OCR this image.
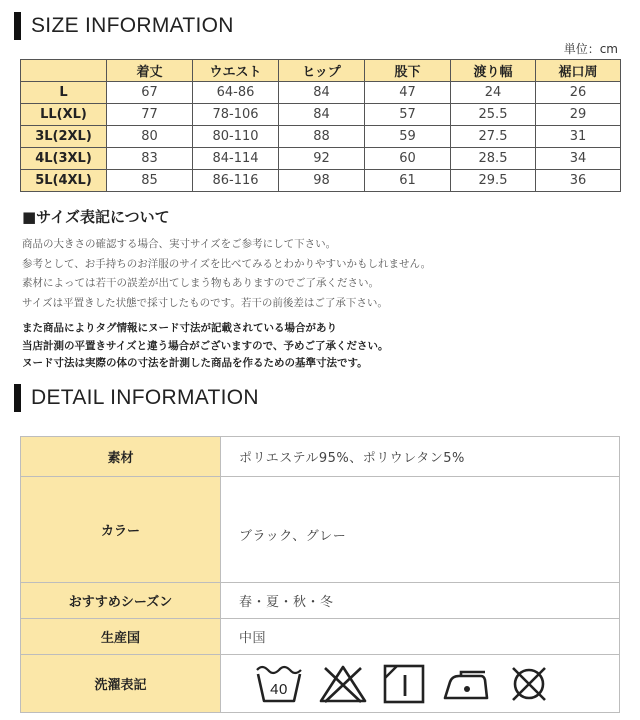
SIZE INFORMATION
単位：cm
	着丈	ウエスト	ヒップ	股下	渡り幅	裾口周
L	67	64-86	84	47	24	26
LL(XL)	77	78-106	84	57	25.5	29
3L(2XL)	80	80-110	88	59	27.5	31
4L(3XL)	83	84-114	92	60	28.5	34
5L(4XL)	85	86-116	98	61	29.5	36
■サイズ表記について
商品の大きさの確認する場合、実寸サイズをご参考にして下さい。
参考として、お手持ちのお洋服のサイズを比べてみるとわかりやすいかもしれません。
素材によっては若干の誤差が出てしまう物もありますのでご了承ください。
サイズは平置きした状態で採寸したものです。若干の前後差はご了承下さい。
また商品によりタグ情報にヌード寸法が記載されている場合があり
当店計測の平置きサイズと違う場合がございますので、予めご了承ください。
ヌード寸法は実際の体の寸法を計測した商品を作るための基準寸法です。
DETAIL INFORMATION
素材	ポリエステル95%、ポリウレタン5%
カラー	ブラック、グレー
おすすめシーズン	春・夏・秋・冬
生産国	中国
洗濯表記	40
